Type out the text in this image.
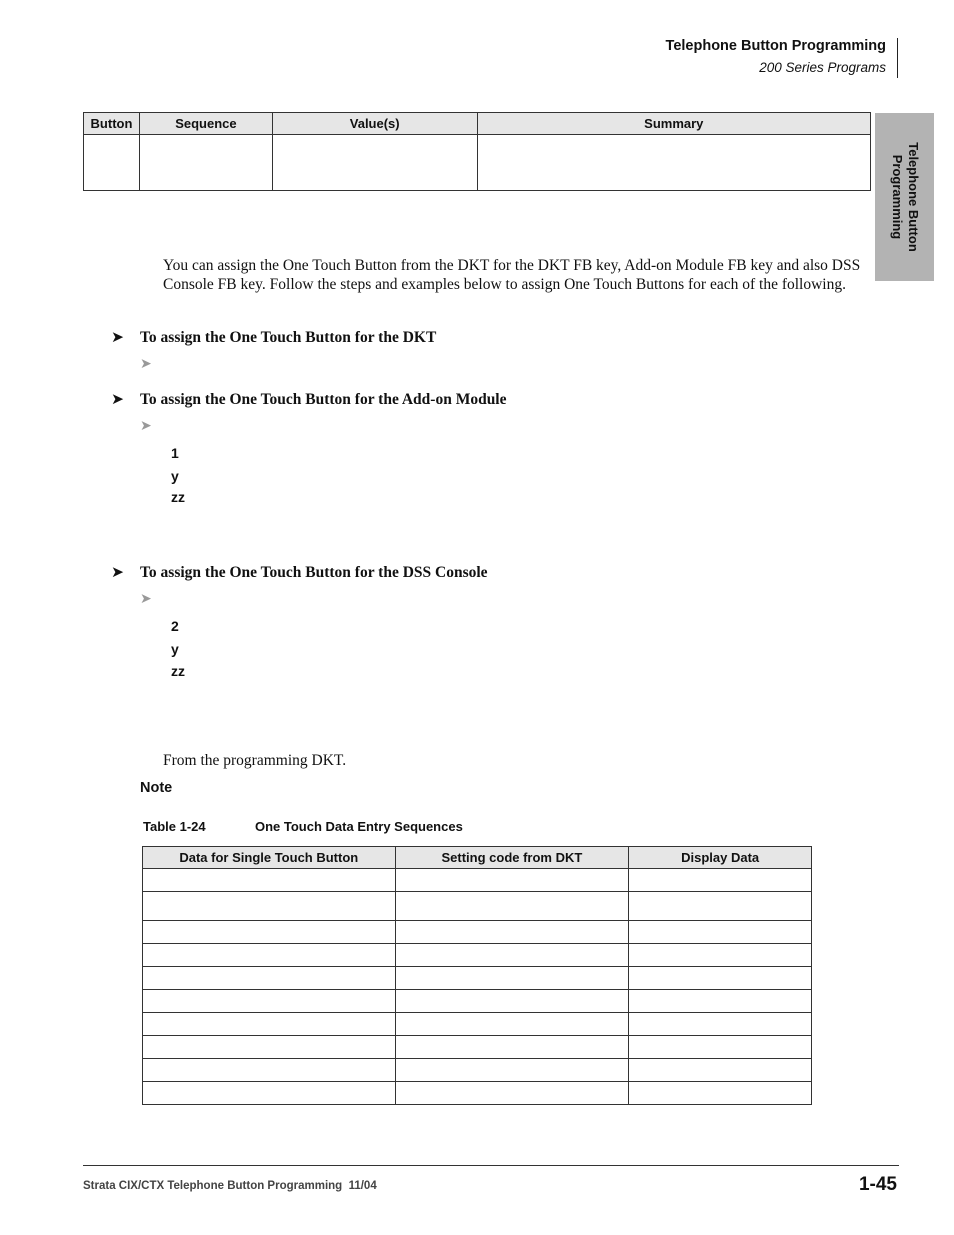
Telephone Button Programming
200 Series Programs
Telephone Button
Programming
Button	Sequence	Value(s)	Summary

You can assign the One Touch Button from the DKT for the DKT FB key, Add-on Module FB key and also DSS Console FB key. Follow the steps and examples below to assign One Touch Buttons for each of the following.
➤ To assign the One Touch Button for the DKT
➤
➤ To assign the One Touch Button for the Add-on Module
➤
1
y
zz
➤ To assign the One Touch Button for the DSS Console
➤
2
y
zz
From the programming DKT.
Note
Table 1-24	One Touch Data Entry Sequences
Data for Single Touch Button	Setting code from DKT	Display Data

Strata CIX/CTX Telephone Button Programming  11/04	1-45
